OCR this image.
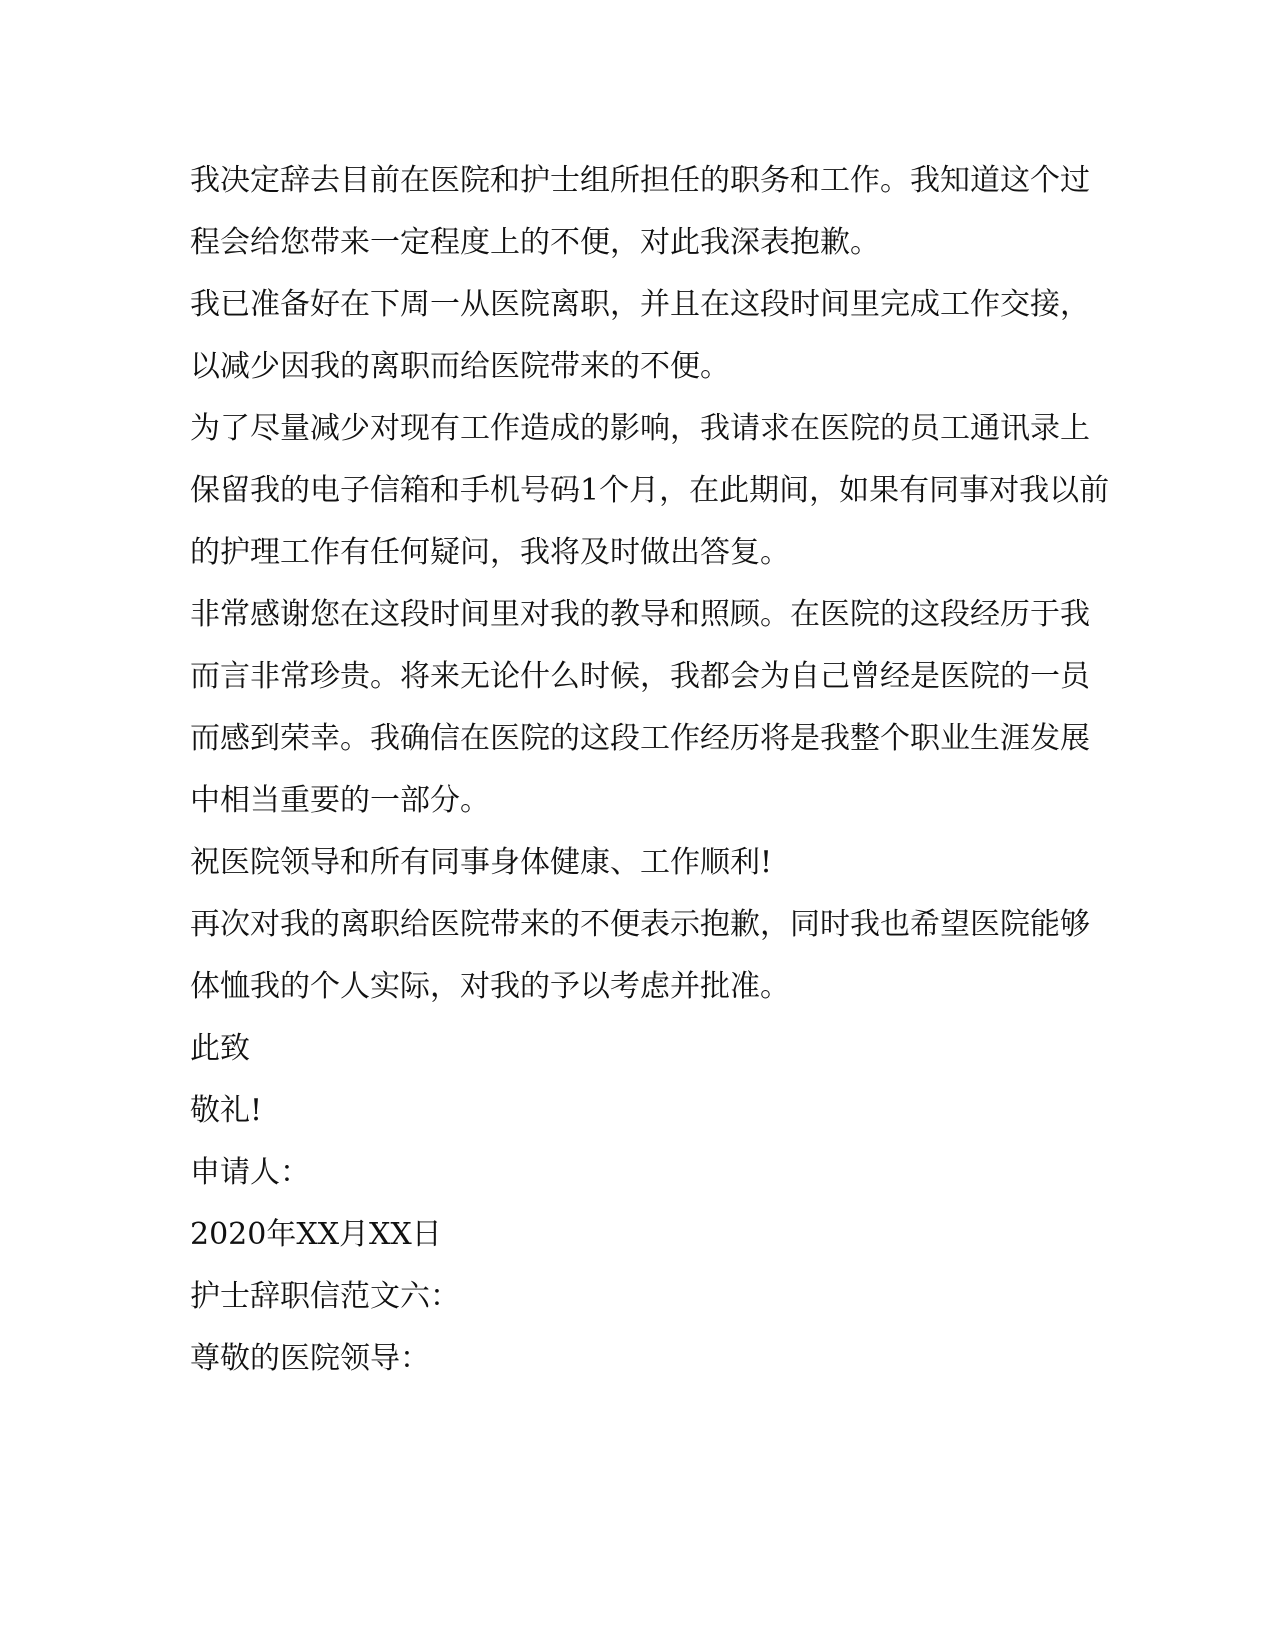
我决定辞去目前在医院和护士组所担任的职务和工作。我知道这个过
程会给您带来一定程度上的不便，对此我深表抱歉。
我已准备好在下周一从医院离职，并且在这段时间里完成工作交接，
以减少因我的离职而给医院带来的不便。
为了尽量减少对现有工作造成的影响，我请求在医院的员工通讯录上
保留我的电子信箱和手机号码1个月，在此期间，如果有同事对我以前
的护理工作有任何疑问，我将及时做出答复。
非常感谢您在这段时间里对我的教导和照顾。在医院的这段经历于我
而言非常珍贵。将来无论什么时候，我都会为自己曾经是医院的一员
而感到荣幸。我确信在医院的这段工作经历将是我整个职业生涯发展
中相当重要的一部分。
祝医院领导和所有同事身体健康、工作顺利!
再次对我的离职给医院带来的不便表示抱歉，同时我也希望医院能够
体恤我的个人实际，对我的予以考虑并批准。
此致
敬礼!
申请人：
2020年XX月XX日
护士辞职信范文六：
尊敬的医院领导：
